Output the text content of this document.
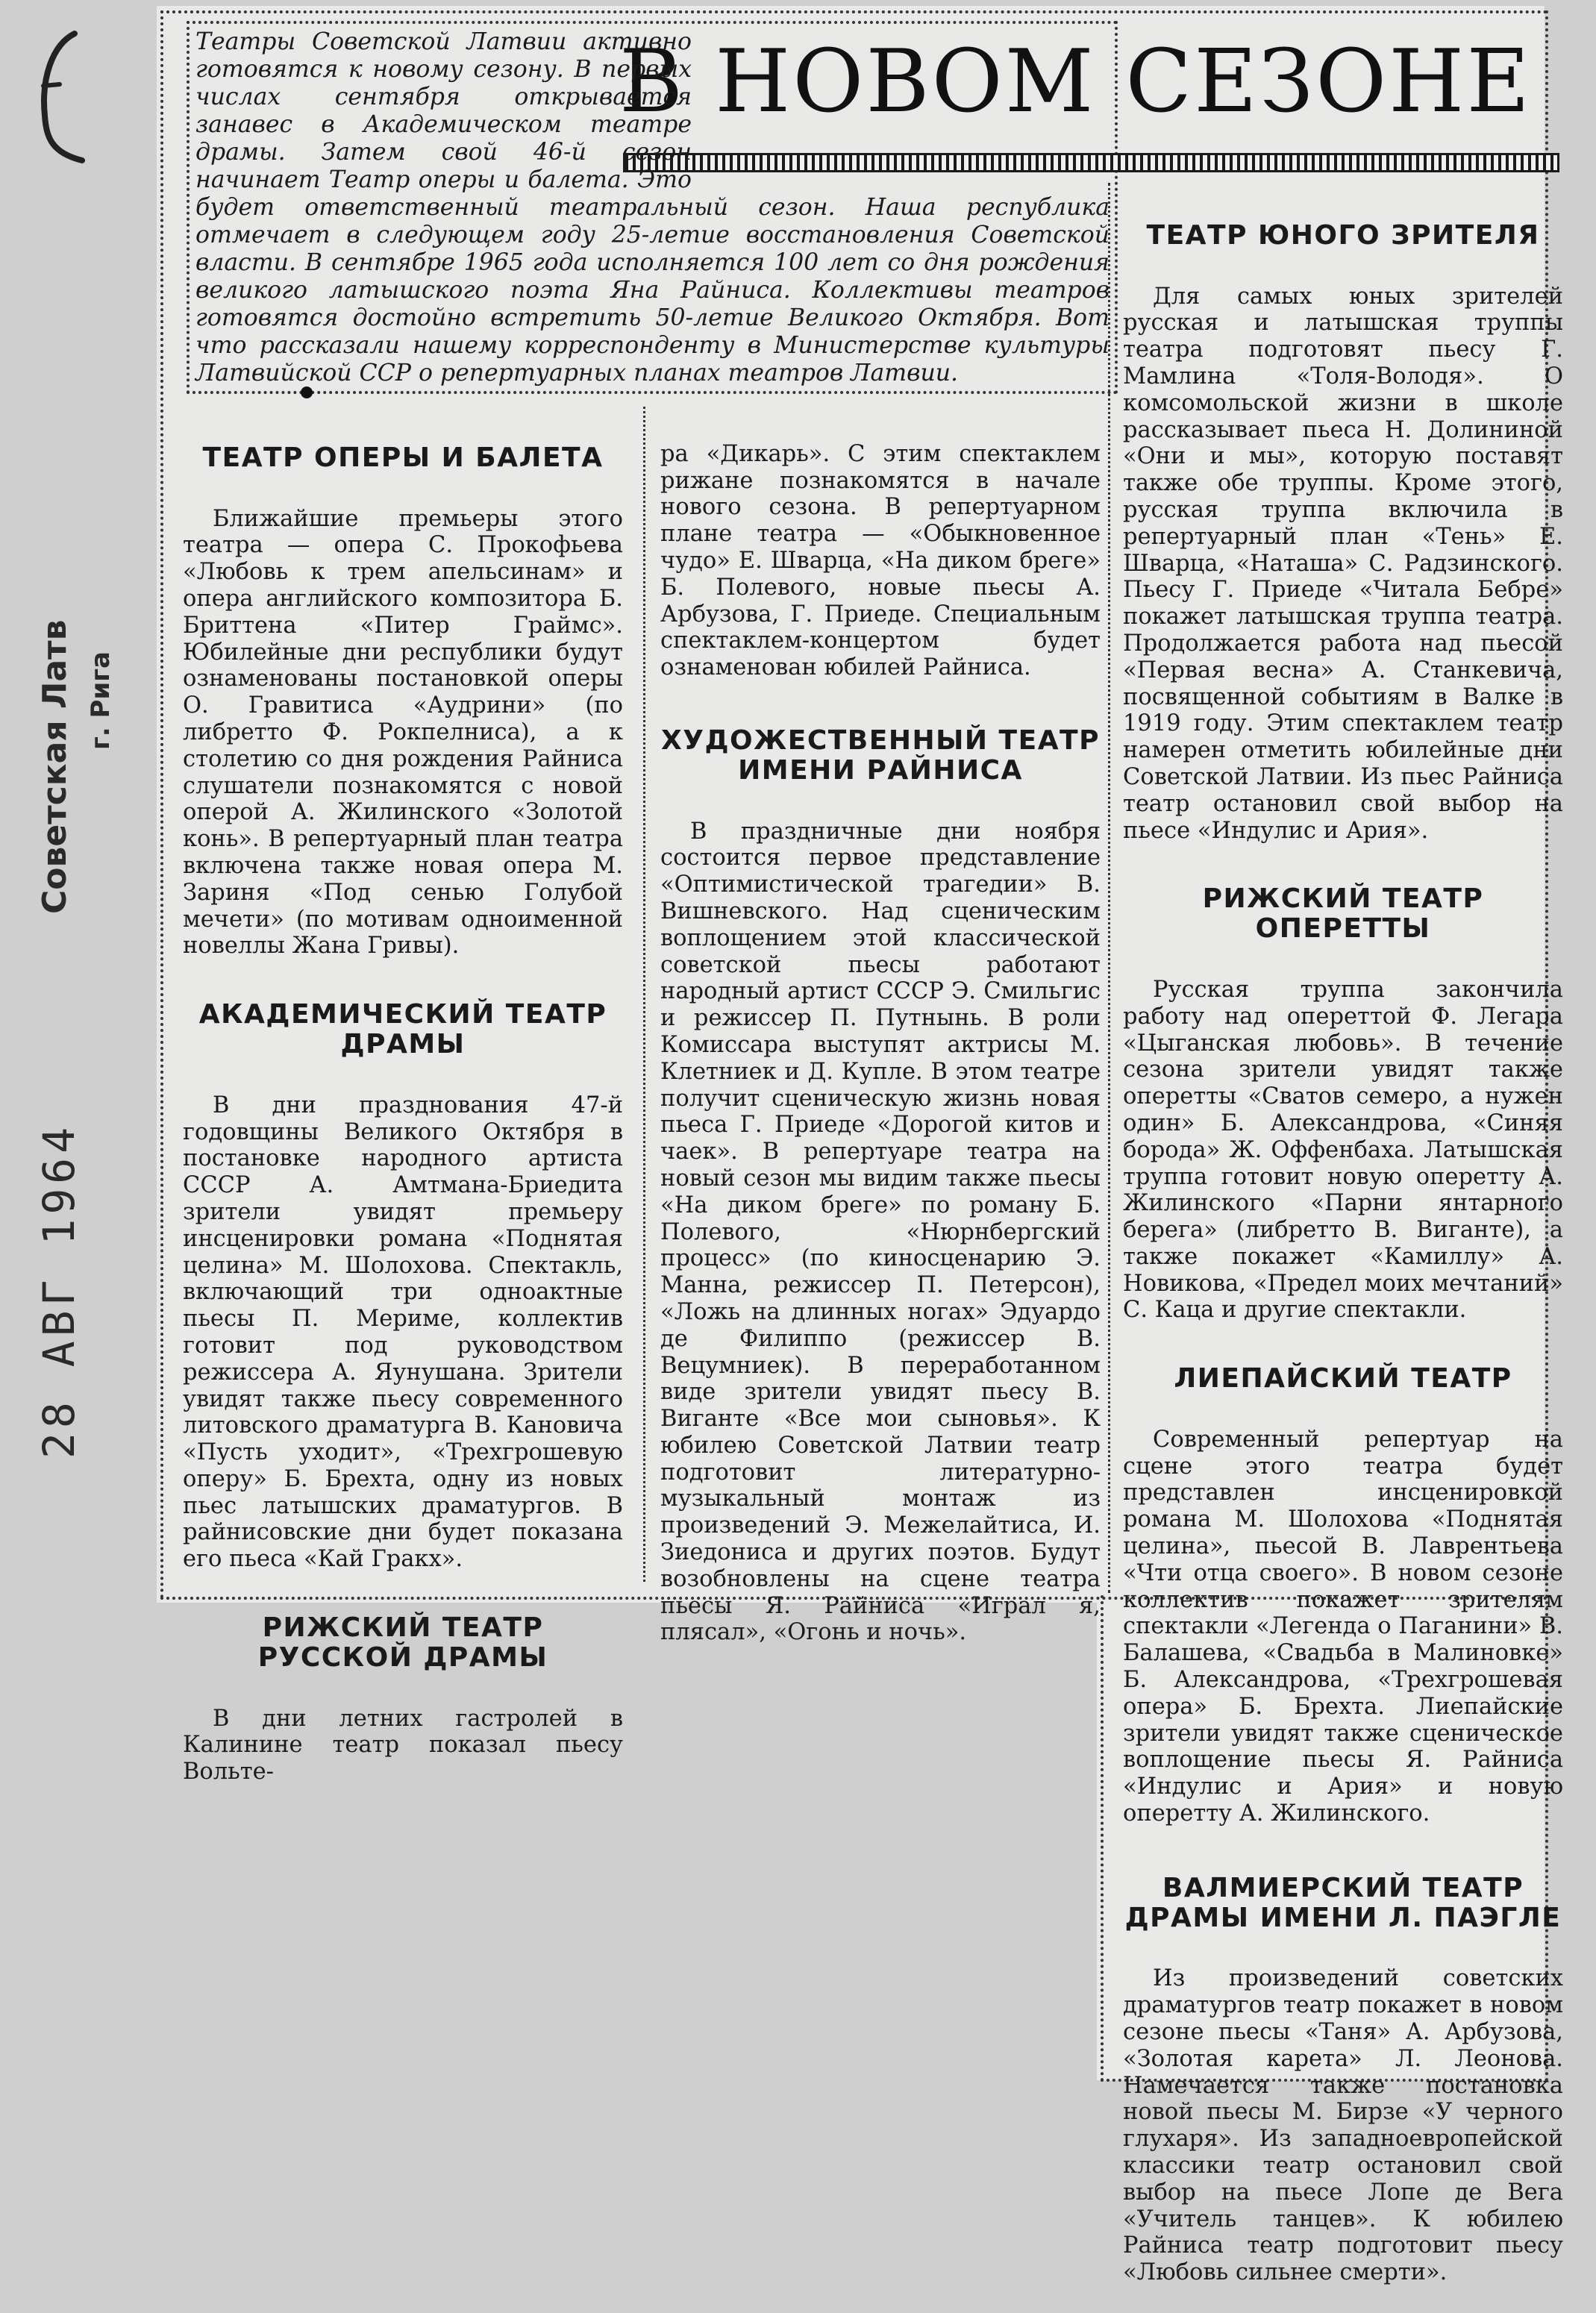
Советская Латв г. Рига
28 АВГ 1964
В НОВОМ СЕЗОНЕ
Театры Советской Латвии активно готовятся к новому сезону. В первых числах сентября открывается занавес в Академическом театре драмы. Затем свой 46-й сезон начинает Театр оперы и балета. Это будет ответственный театральный сезон. Наша республика отмечает в следующем году 25-летие восстановления Советской власти. В сентябре 1965 года исполняется 100 лет со дня рождения великого латышского поэта Яна Райниса. Коллективы театров готовятся достойно встретить 50-летие Великого Октября. Вот что рассказали нашему корреспонденту в Министерстве культуры Латвийской ССР о репертуарных планах театров Латвии.

ТЕАТР ОПЕРЫ И БАЛЕТА

Ближайшие премьеры этого театра — опера С. Прокофьева «Любовь к трем апельсинам» и опера английского композитора Б. Бриттена «Питер Граймс». Юбилейные дни республики будут ознаменованы постановкой оперы О. Гравитиса «Аудрини» (по либретто Ф. Рокпелниса), а к столетию со дня рождения Райниса слушатели познакомятся с новой оперой А. Жилинского «Золотой конь». В репертуарный план театра включена также новая опера М. Зариня «Под сенью Голубой мечети» (по мотивам одноименной новеллы Жана Гривы).

АКАДЕМИЧЕСКИЙ ТЕАТР ДРАМЫ

В дни празднования 47-й годовщины Великого Октября в постановке народного артиста СССР А. Амтмана-Бриедита зрители увидят премьеру инсценировки романа «Поднятая целина» М. Шолохова. Спектакль, включающий три одноактные пьесы П. Мериме, коллектив готовит под руководством режиссера А. Яунушана. Зрители увидят также пьесу современного литовского драматурга В. Кановича «Пусть уходит», «Трехгрошевую оперу» Б. Брехта, одну из новых пьес латышских драматургов. В райнисовские дни будет показана его пьеса «Кай Гракх».

РИЖСКИЙ ТЕАТР РУССКОЙ ДРАМЫ

В дни летних гастролей в Калинине театр показал пьесу Вольте-

ра «Дикарь». С этим спектаклем рижане познакомятся в начале нового сезона. В репертуарном плане театра — «Обыкновенное чудо» Е. Шварца, «На диком бреге» Б. Полевого, новые пьесы А. Арбузова, Г. Приеде. Специальным спектаклем-концертом будет ознаменован юбилей Райниса.

ХУДОЖЕСТВЕННЫЙ ТЕАТР ИМЕНИ РАЙНИСА

В праздничные дни ноября состоится первое представление «Оптимистической трагедии» В. Вишневского. Над сценическим воплощением этой классической советской пьесы работают народный артист СССР Э. Смильгис и режиссер П. Путнынь. В роли Комиссара выступят актрисы М. Клетниек и Д. Купле. В этом театре получит сценическую жизнь новая пьеса Г. Приеде «Дорогой китов и чаек». В репертуаре театра на новый сезон мы видим также пьесы «На диком бреге» по роману Б. Полевого, «Нюрнбергский процесс» (по киносценарию Э. Манна, режиссер П. Петерсон), «Ложь на длинных ногах» Эдуардо де Филиппо (режиссер В. Вецумниек). В переработанном виде зрители увидят пьесу В. Виганте «Все мои сыновья». К юбилею Советской Латвии театр подготовит литературно-музыкальный монтаж из произведений Э. Межелайтиса, И. Зиедониса и других поэтов. Будут возобновлены на сцене театра пьесы Я. Райниса «Играл я, плясал», «Огонь и ночь».

ТЕАТР ЮНОГО ЗРИТЕЛЯ

Для самых юных зрителей русская и латышская труппы театра подготовят пьесу Г. Мамлина «Толя-Володя». О комсомольской жизни в школе рассказывает пьеса Н. Долининой «Они и мы», которую поставят также обе труппы. Кроме этого, русская труппа включила в репертуарный план «Тень» Е. Шварца, «Наташа» С. Радзинского. Пьесу Г. Приеде «Читала Бебре» покажет латышская труппа театра. Продолжается работа над пьесой «Первая весна» А. Станкевича, посвященной событиям в Валке в 1919 году. Этим спектаклем театр намерен отметить юбилейные дни Советской Латвии. Из пьес Райниса театр остановил свой выбор на пьесе «Индулис и Ария».

РИЖСКИЙ ТЕАТР ОПЕРЕТТЫ

Русская труппа закончила работу над опереттой Ф. Легара «Цыганская любовь». В течение сезона зрители увидят также оперетты «Сватов семеро, а нужен один» Б. Александрова, «Синяя борода» Ж. Оффенбаха. Латышская труппа готовит новую оперетту А. Жилинского «Парни янтарного берега» (либретто В. Виганте), а также покажет «Камиллу» А. Новикова, «Предел моих мечтаний» С. Каца и другие спектакли.

ЛИЕПАЙСКИЙ ТЕАТР

Современный репертуар на сцене этого театра будет представлен инсценировкой романа М. Шолохова «Поднятая целина», пьесой В. Лаврентьева «Чти отца своего». В новом сезоне коллектив покажет зрителям спектакли «Легенда о Паганини» В. Балашева, «Свадьба в Малиновке» Б. Александрова, «Трехгрошевая опера» Б. Брехта. Лиепайские зрители увидят также сценическое воплощение пьесы Я. Райниса «Индулис и Ария» и новую оперетту А. Жилинского.

ВАЛМИЕРСКИЙ ТЕАТР ДРАМЫ ИМЕНИ Л. ПАЭГЛЕ

Из произведений советских драматургов театр покажет в новом сезоне пьесы «Таня» А. Арбузова, «Золотая карета» Л. Леонова. Намечается также постановка новой пьесы М. Бирзе «У черного глухаря». Из западноевропейской классики театр остановил свой выбор на пьесе Лопе де Вега «Учитель танцев». К юбилею Райниса театр подготовит пьесу «Любовь сильнее смерти».
